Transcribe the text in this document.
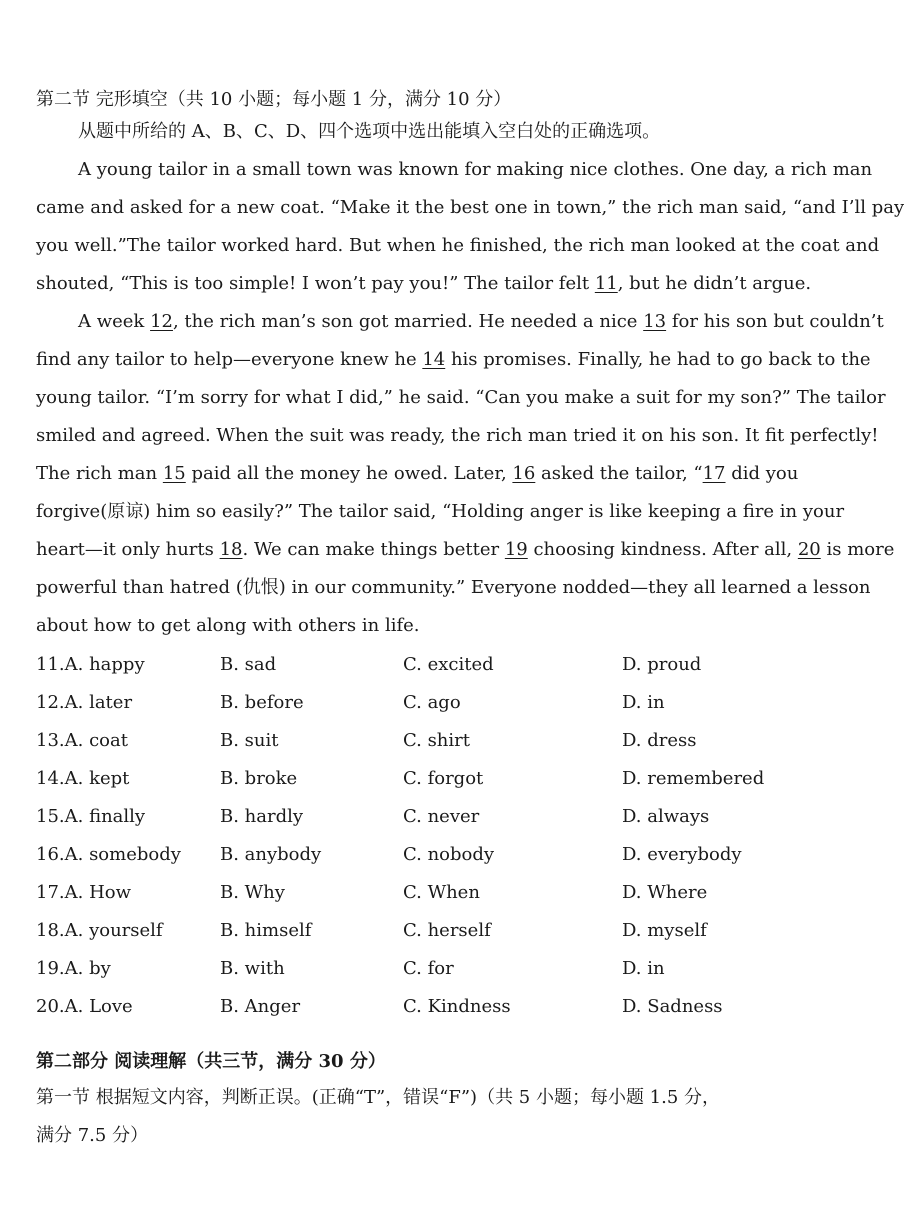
第二节 完形填空（共 10 小题；每小题 1 分，满分 10 分）
从题中所给的 A、B、C、D、四个选项中选出能填入空白处的正确选项。
A young tailor in a small town was known for making nice clothes. One day, a rich man
came and asked for a new coat. “Make it the best one in town,” the rich man said, “and I’ll pay
you well.”The tailor worked hard. But when he finished, the rich man looked at the coat and
shouted, “This is too simple! I won’t pay you!” The tailor felt 11, but he didn’t argue.
A week 12, the rich man’s son got married. He needed a nice 13 for his son but couldn’t
find any tailor to help—everyone knew he 14 his promises. Finally, he had to go back to the
young tailor. “I’m sorry for what I did,” he said. “Can you make a suit for my son?” The tailor
smiled and agreed. When the suit was ready, the rich man tried it on his son. It fit perfectly!
The rich man 15 paid all the money he owed. Later, 16 asked the tailor, “17 did you
forgive(原谅) him so easily?” The tailor said, “Holding anger is like keeping a fire in your
heart—it only hurts 18. We can make things better 19 choosing kindness. After all, 20 is more
powerful than hatred (仇恨) in our community.” Everyone nodded—they all learned a lesson
about how to get along with others in life.
11.A. happy	B. sad	C. excited	D. proud
12.A. later	B. before	C. ago	D. in
13.A. coat	B. suit	C. shirt	D. dress
14.A. kept	B. broke	C. forgot	D. remembered
15.A. finally	B. hardly	C. never	D. always
16.A. somebody B. anybody	C. nobody	D. everybody
17.A. How	B. Why	C. When	D. Where
18.A. yourself	B. himself	C. herself	D. myself
19.A. by	B. with	C. for	D. in
20.A. Love	B. Anger	C. Kindness	D. Sadness
第二部分 阅读理解（共三节，满分 30 分）
第一节 根据短文内容，判断正误。(正确“T”，错误“F”)（共 5 小题；每小题 1.5 分，
满分 7.5 分）
